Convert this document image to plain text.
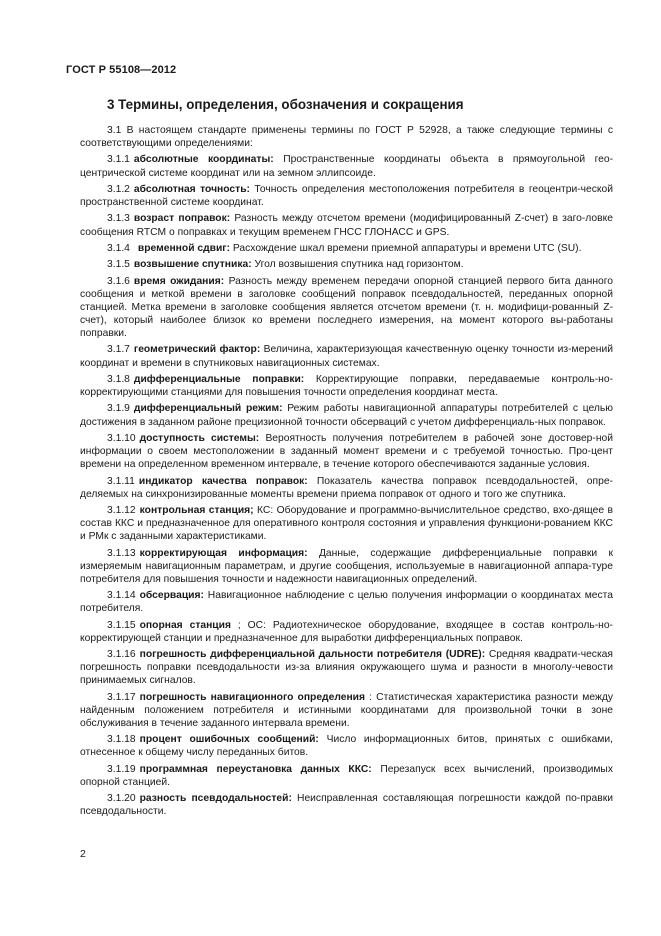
ГОСТ Р 55108—2012
3 Термины, определения, обозначения и сокращения

3.1 В настоящем стандарте применены термины по ГОСТ Р 52928, а также следующие термины с соответствующими определениями:

3.1.1 абсолютные координаты: Пространственные координаты объекта в прямоугольной гео-центрической системе координат или на земном эллипсоиде.

3.1.2 абсолютная точность: Точность определения местоположения потребителя в геоцентри-ческой пространственной системе координат.

3.1.3 возраст поправок: Разность между отсчетом времени (модифицированный Z-счет) в заго-ловке сообщения RTCM о поправках и текущим временем ГНСС ГЛОНАСС и GPS.

3.1.4 временной сдвиг: Расхождение шкал времени приемной аппаратуры и времени UTC (SU).

3.1.5 возвышение спутника: Угол возвышения спутника над горизонтом.

3.1.6 время ожидания: Разность между временем передачи опорной станцией первого бита данного сообщения и меткой времени в заголовке сообщений поправок псевдодальностей, переданных опорной станцией. Метка времени в заголовке сообщения является отсчетом времени (т. н. модифици-рованный Z-счет), который наиболее близок ко времени последнего измерения, на момент которого вы-работаны поправки.

3.1.7 геометрический фактор: Величина, характеризующая качественную оценку точности из-мерений координат и времени в спутниковых навигационных системах.

3.1.8 дифференциальные поправки: Корректирующие поправки, передаваемые контроль-но-корректирующими станциями для повышения точности определения координат места.

3.1.9 дифференциальный режим: Режим работы навигационной аппаратуры потребителей с целью достижения в заданном районе прецизионной точности обсерваций с учетом дифференциаль-ных поправок.

3.1.10 доступность системы: Вероятность получения потребителем в рабочей зоне достовер-ной информации о своем местоположении в заданный момент времени и с требуемой точностью. Про-цент времени на определенном временном интервале, в течение которого обеспечиваются заданные условия.

3.1.11 индикатор качества поправок: Показатель качества поправок псевдодальностей, опре-деляемых на синхронизированные моменты времени приема поправок от одного и того же спутника.

3.1.12 контрольная станция; КС: Оборудование и программно-вычислительное средство, вхо-дящее в состав ККС и предназначенное для оперативного контроля состояния и управления функциони-рованием ККС и РМк с заданными характеристиками.

3.1.13 корректирующая информация: Данные, содержащие дифференциальные поправки к измеряемым навигационным параметрам, и другие сообщения, используемые в навигационной аппара-туре потребителя для повышения точности и надежности навигационных определений.

3.1.14 обсервация: Навигационное наблюдение с целью получения информации о координатах места потребителя.

3.1.15 опорная станция ; ОС: Радиотехническое оборудование, входящее в состав контроль-но-корректирующей станции и предназначенное для выработки дифференциальных поправок.

3.1.16 погрешность дифференциальной дальности потребителя (UDRE): Средняя квадрати-ческая погрешность поправки псевдодальности из-за влияния окружающего шума и разности в многолу-чевости принимаемых сигналов.

3.1.17 погрешность навигационного определения : Статистическая характеристика разности между найденным положением потребителя и истинными координатами для произвольной точки в зоне обслуживания в течение заданного интервала времени.

3.1.18 процент ошибочных сообщений: Число информационных битов, принятых с ошибками, отнесенное к общему числу переданных битов.

3.1.19 программная переустановка данных ККС: Перезапуск всех вычислений, производимых опорной станцией.

3.1.20 разность псевдодальностей: Неисправленная составляющая погрешности каждой по-правки псевдодальности.

2
